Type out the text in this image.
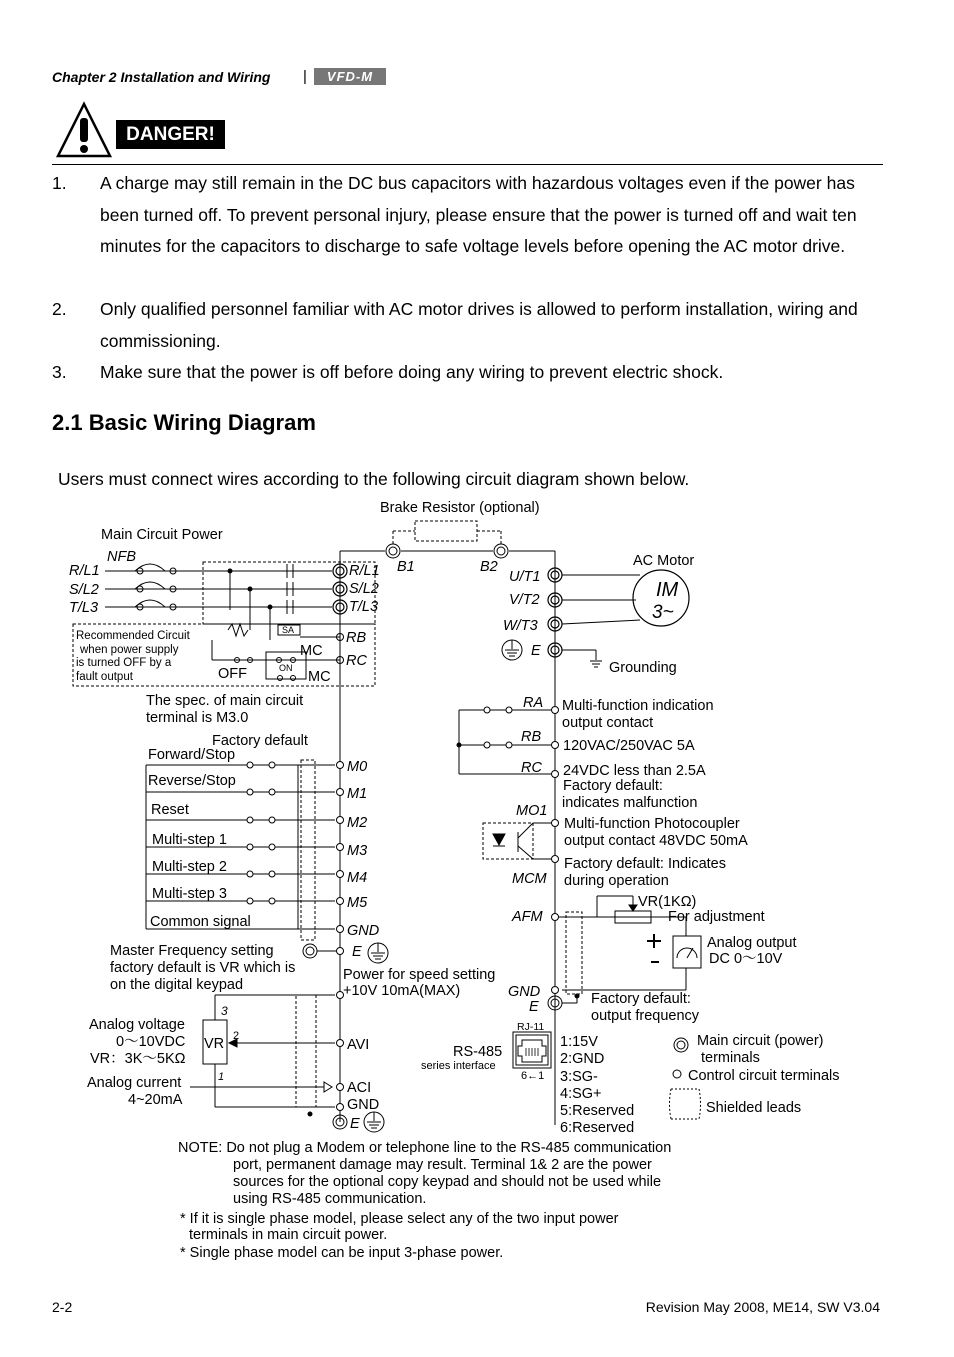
Chapter 2 Installation and Wiring |	VFD-M
DANGER!
1. A charge may still remain in the DC bus capacitors with hazardous voltages even if the power has been turned off. To prevent personal injury, please ensure that the power is turned off and wait ten minutes for the capacitors to discharge to safe voltage levels before opening the AC motor drive.
2. Only qualified personnel familiar with AC motor drives is allowed to perform installation, wiring and commissioning.
3. Make sure that the power is off before doing any wiring to prevent electric shock.
2.1 Basic Wiring Diagram
Users must connect wires according to the following circuit diagram shown below.
Brake Resistor (optional)
Main Circuit Power
NFB
R/L1
S/L2
T/L3
R/L1
S/L2
T/L3
RB
RC
B1	B2
Recommended Circuit
when power supply
is turned OFF by a
fault output
SA
MC
OFF	ON
MC
The spec. of main circuit
terminal is M3.0
Factory default
Forward/Stop
Reverse/Stop
Reset
Multi-step 1
Multi-step 2
Multi-step 3
Common signal
M0
M1
M2
M3
M4
M5
GND
E
Master Frequency setting
factory default is VR which is
on the digital keypad
Power for speed setting
+10V 10mA(MAX)
Analog voltage
0～10VDC
VR：3K～5KΩ
VR
3
2
1
AVI
ACI
GND
E
Analog current
4~20mA
AC Motor
IM
3~
U/T1
V/T2
W/T3
E
Grounding
RA
RB
RC
Multi-function indication
output contact
120VAC/250VAC 5A
24VDC less than 2.5A
Factory default:
indicates malfunction
MO1
MCM
Multi-function Photocoupler
output contact 48VDC 50mA
Factory default: Indicates
during operation
AFM
VR(1KΩ)
For adjustment
Analog output
DC 0～10V
GND
E	Factory default:
output frequency
RJ-11
RS-485
series interface
6←1
1:15V
2:GND
3:SG-
4:SG+
5:Reserved
6:Reserved
Main circuit (power)
terminals
Control circuit terminals
Shielded leads
NOTE: Do not plug a Modem or telephone line to the RS-485 communication
port, permanent damage may result. Terminal 1& 2 are the power
sources for the optional copy keypad and should not be used while
using RS-485 communication.
* If it is single phase model, please select any of the two input power
terminals in main circuit power.
* Single phase model can be input 3-phase power.
2-2	Revision May 2008, ME14, SW V3.04
